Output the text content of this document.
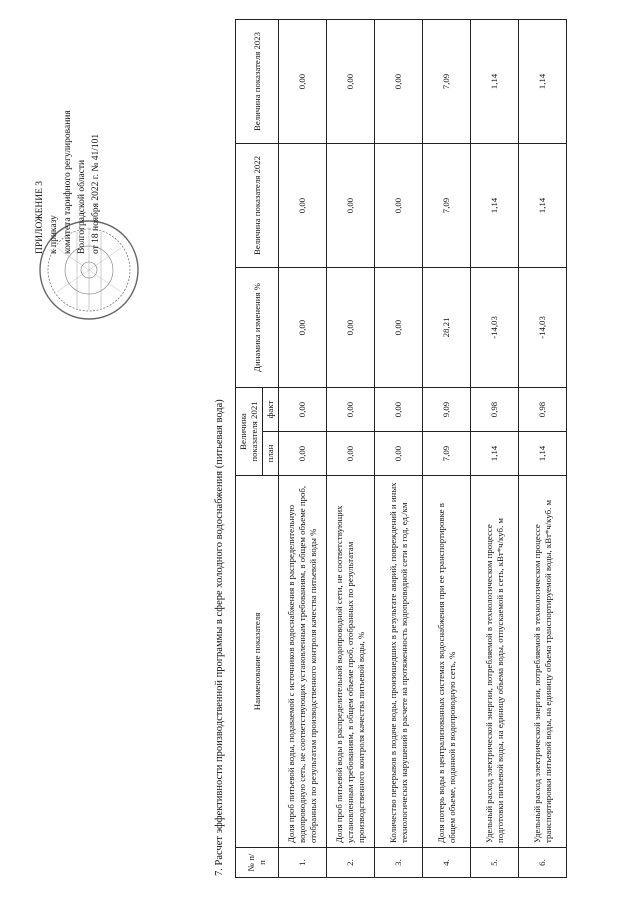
ПРИЛОЖЕНИЕ 3 к приказу комитета тарифного регулирования Волгоградской области от 18 ноября 2022 г. № 41/101
7. Расчет эффективности производственной программы в сфере холодного водоснабжения (питьевая вода) № п/п	Наименование показателя	Величина показателя 2021		Динамика изменения %	Величина показателя 2022	Величина показателя 2023
		план	факт			
1.	Доля проб питьевой воды, подаваемой с источников водоснабжения в распределительную водопроводную сеть, не соответствующих установленным требованиям, в общем объеме проб, отобранных по результатам производственного контроля качества питьевой воды %	0,00	0,00	0,00	0,00	0,00
2.	Доля проб питьевой воды в распределительной водопроводной сети, не соответствующих установленным требованиям, в общем объеме проб, отобранных по результатам производственного контроля качества питьевой воды, %	0,00	0,00	0,00	0,00	0,00
3.	Количество перерывов в подаче воды, произошедших в результате аварий, повреждений и иных технологических нарушений в расчете на протяженность водопроводной сети в год, ед./км	0,00	0,00	0,00	0,00	0,00
4.	Доля потерь воды в централизованных системах водоснабжения при ее транспортировке в общем объеме, поданной в водопроводную сеть, %	7,09	9,09	28,21	7,09	7,09
5.	Удельный расход электрической энергии, потребляемой в технологическом процессе подготовки питьевой воды, на единицу объема воды, отпускаемой в сеть, кВт*ч/куб. м	1,14	0,98	-14,03	1,14	1,14
6.	Удельный расход электрической энергии, потребляемой в технологическом процессе транспортировки питьевой воды, на единицу объема транспортируемой воды, кВт*ч/куб. м	1,14	0,98	-14,03	1,14	1,14
